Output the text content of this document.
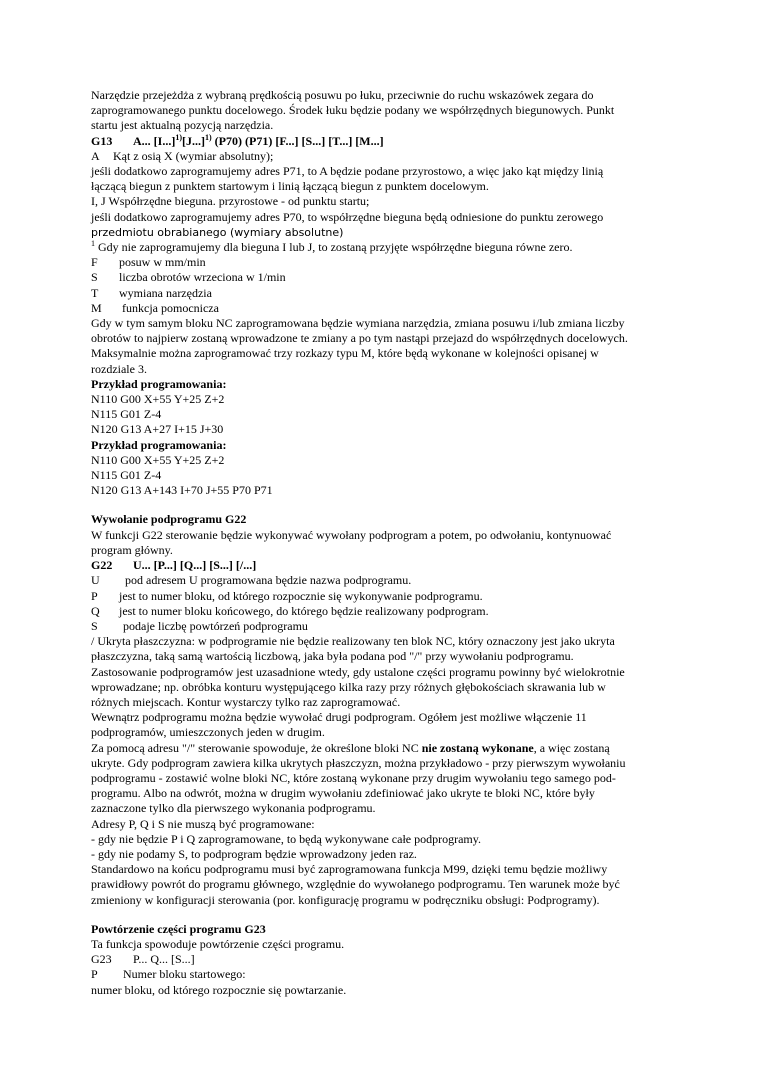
Narzędzie przejeżdża z wybraną prędkością posuwu po łuku, przeciwnie do ruchu wskazówek zegara do
zaprogramowanego punktu docelowego. Środek łuku będzie podany we współrzędnych biegunowych. Punkt
startu jest aktualną pozycją narzędzia.
G13 A... $[I...]^{1)}[J...]^{1)}$ (P70) (P71) [F...] [S...] [T...] [M...]
A Kąt z osią X (wymiar absolutny);
jeśli dodatkowo zaprogramujemy adres P71, to A będzie podane przyrostowo, a więc jako kąt między linią
łączącą biegun z punktem startowym i linią łączącą biegun z punktem docelowym.
I, J Współrzędne bieguna. przyrostowe - od punktu startu;
jeśli dodatkowo zaprogramujemy adres P70, to współrzędne bieguna będą odniesione do punktu zerowego
przedmiotu obrabianego (wymiary absolutne)
$^1$ Gdy nie zaprogramujemy dla bieguna I lub J, to zostaną przyjęte współrzędne bieguna równe zero.
F posuw w mm/min
S liczba obrotów wrzeciona w 1/min
T wymiana narzędzia
M funkcja pomocnicza
Gdy w tym samym bloku NC zaprogramowana będzie wymiana narzędzia, zmiana posuwu i/lub zmiana liczby
obrotów to najpierw zostaną wprowadzone te zmiany a po tym nastąpi przejazd do współrzędnych docelowych.
Maksymalnie można zaprogramować trzy rozkazy typu M, które będą wykonane w kolejności opisanej w
rozdziale 3.
Przykład programowania:
N110 G00 X+55 Y+25 Z+2
N115 G01 Z-4
N120 G13 A+27 I+15 J+30
Przykład programowania:
N110 G00 X+55 Y+25 Z+2
N115 G01 Z-4
N120 G13 A+143 I+70 J+55 P70 P71
Wywołanie podprogramu G22
W funkcji G22 sterowanie będzie wykonywać wywołany podprogram a potem, po odwołaniu, kontynuować
program główny.
G22 U... [P...] [Q...] [S...] [/...]
U pod adresem U programowana będzie nazwa podprogramu.
P jest to numer bloku, od którego rozpocznie się wykonywanie podprogramu.
Q jest to numer bloku końcowego, do którego będzie realizowany podprogram.
S podaje liczbę powtórzeń podprogramu
/ Ukryta płaszczyzna: w podprogramie nie będzie realizowany ten blok NC, który oznaczony jest jako ukryta
płaszczyzna, taką samą wartością liczbową, jaka była podana pod "/" przy wywołaniu podprogramu.
Zastosowanie podprogramów jest uzasadnione wtedy, gdy ustalone części programu powinny być wielokrotnie
wprowadzane; np. obróbka konturu występującego kilka razy przy różnych głębokościach skrawania lub w
różnych miejscach. Kontur wystarczy tylko raz zaprogramować.
Wewnątrz podprogramu można będzie wywołać drugi podprogram. Ogółem jest możliwe włączenie 11
podprogramów, umieszczonych jeden w drugim.
Za pomocą adresu "/" sterowanie spowoduje, że określone bloki NC nie zostaną wykonane, a więc zostaną
ukryte. Gdy podprogram zawiera kilka ukrytych płaszczyzn, można przykładowo - przy pierwszym wywołaniu
podprogramu - zostawić wolne bloki NC, które zostaną wykonane przy drugim wywołaniu tego samego pod-
programu. Albo na odwrót, można w drugim wywołaniu zdefiniować jako ukryte te bloki NC, które były
zaznaczone tylko dla pierwszego wykonania podprogramu.
Adresy P, Q i S nie muszą być programowane:
- gdy nie będzie P i Q zaprogramowane, to będą wykonywane całe podprogramy.
- gdy nie podamy S, to podprogram będzie wprowadzony jeden raz.
Standardowo na końcu podprogramu musi być zaprogramowana funkcja M99, dzięki temu będzie możliwy
prawidłowy powrót do programu głównego, względnie do wywołanego podprogramu. Ten warunek może być
zmieniony w konfiguracji sterowania (por. konfigurację programu w podręczniku obsługi: Podprogramy).
Powtórzenie części programu G23
Ta funkcja spowoduje powtórzenie części programu.
G23 P... Q... [S...]
P Numer bloku startowego:
numer bloku, od którego rozpocznie się powtarzanie.
